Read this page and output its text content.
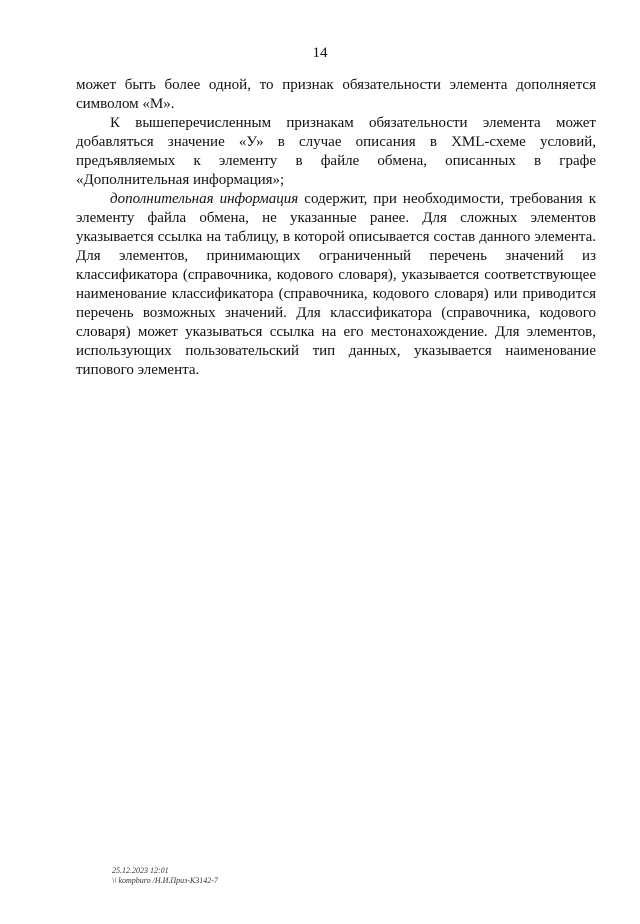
14

может быть более одной, то признак обязательности элемента дополняется символом «М».

К вышеперечисленным признакам обязательности элемента может добавляться значение «У» в случае описания в XML-схеме условий, предъявляемых к элементу в файле обмена, описанных в графе «Дополнительная информация»;

дополнительная информация содержит, при необходимости, требования к элементу файла обмена, не указанные ранее. Для сложных элементов указывается ссылка на таблицу, в которой описывается состав данного элемента. Для элементов, принимающих ограниченный перечень значений из классификатора (справочника, кодового словаря), указывается соответствующее наименование классификатора (справочника, кодового словаря) или приводится перечень возможных значений. Для классификатора (справочника, кодового словаря) может указываться ссылка на его местонахождение. Для элементов, использующих пользовательский тип данных, указывается наименование типового элемента.

25.12.2023 12:01
\\ kompburo /Н.И.Приз-К3142-7
